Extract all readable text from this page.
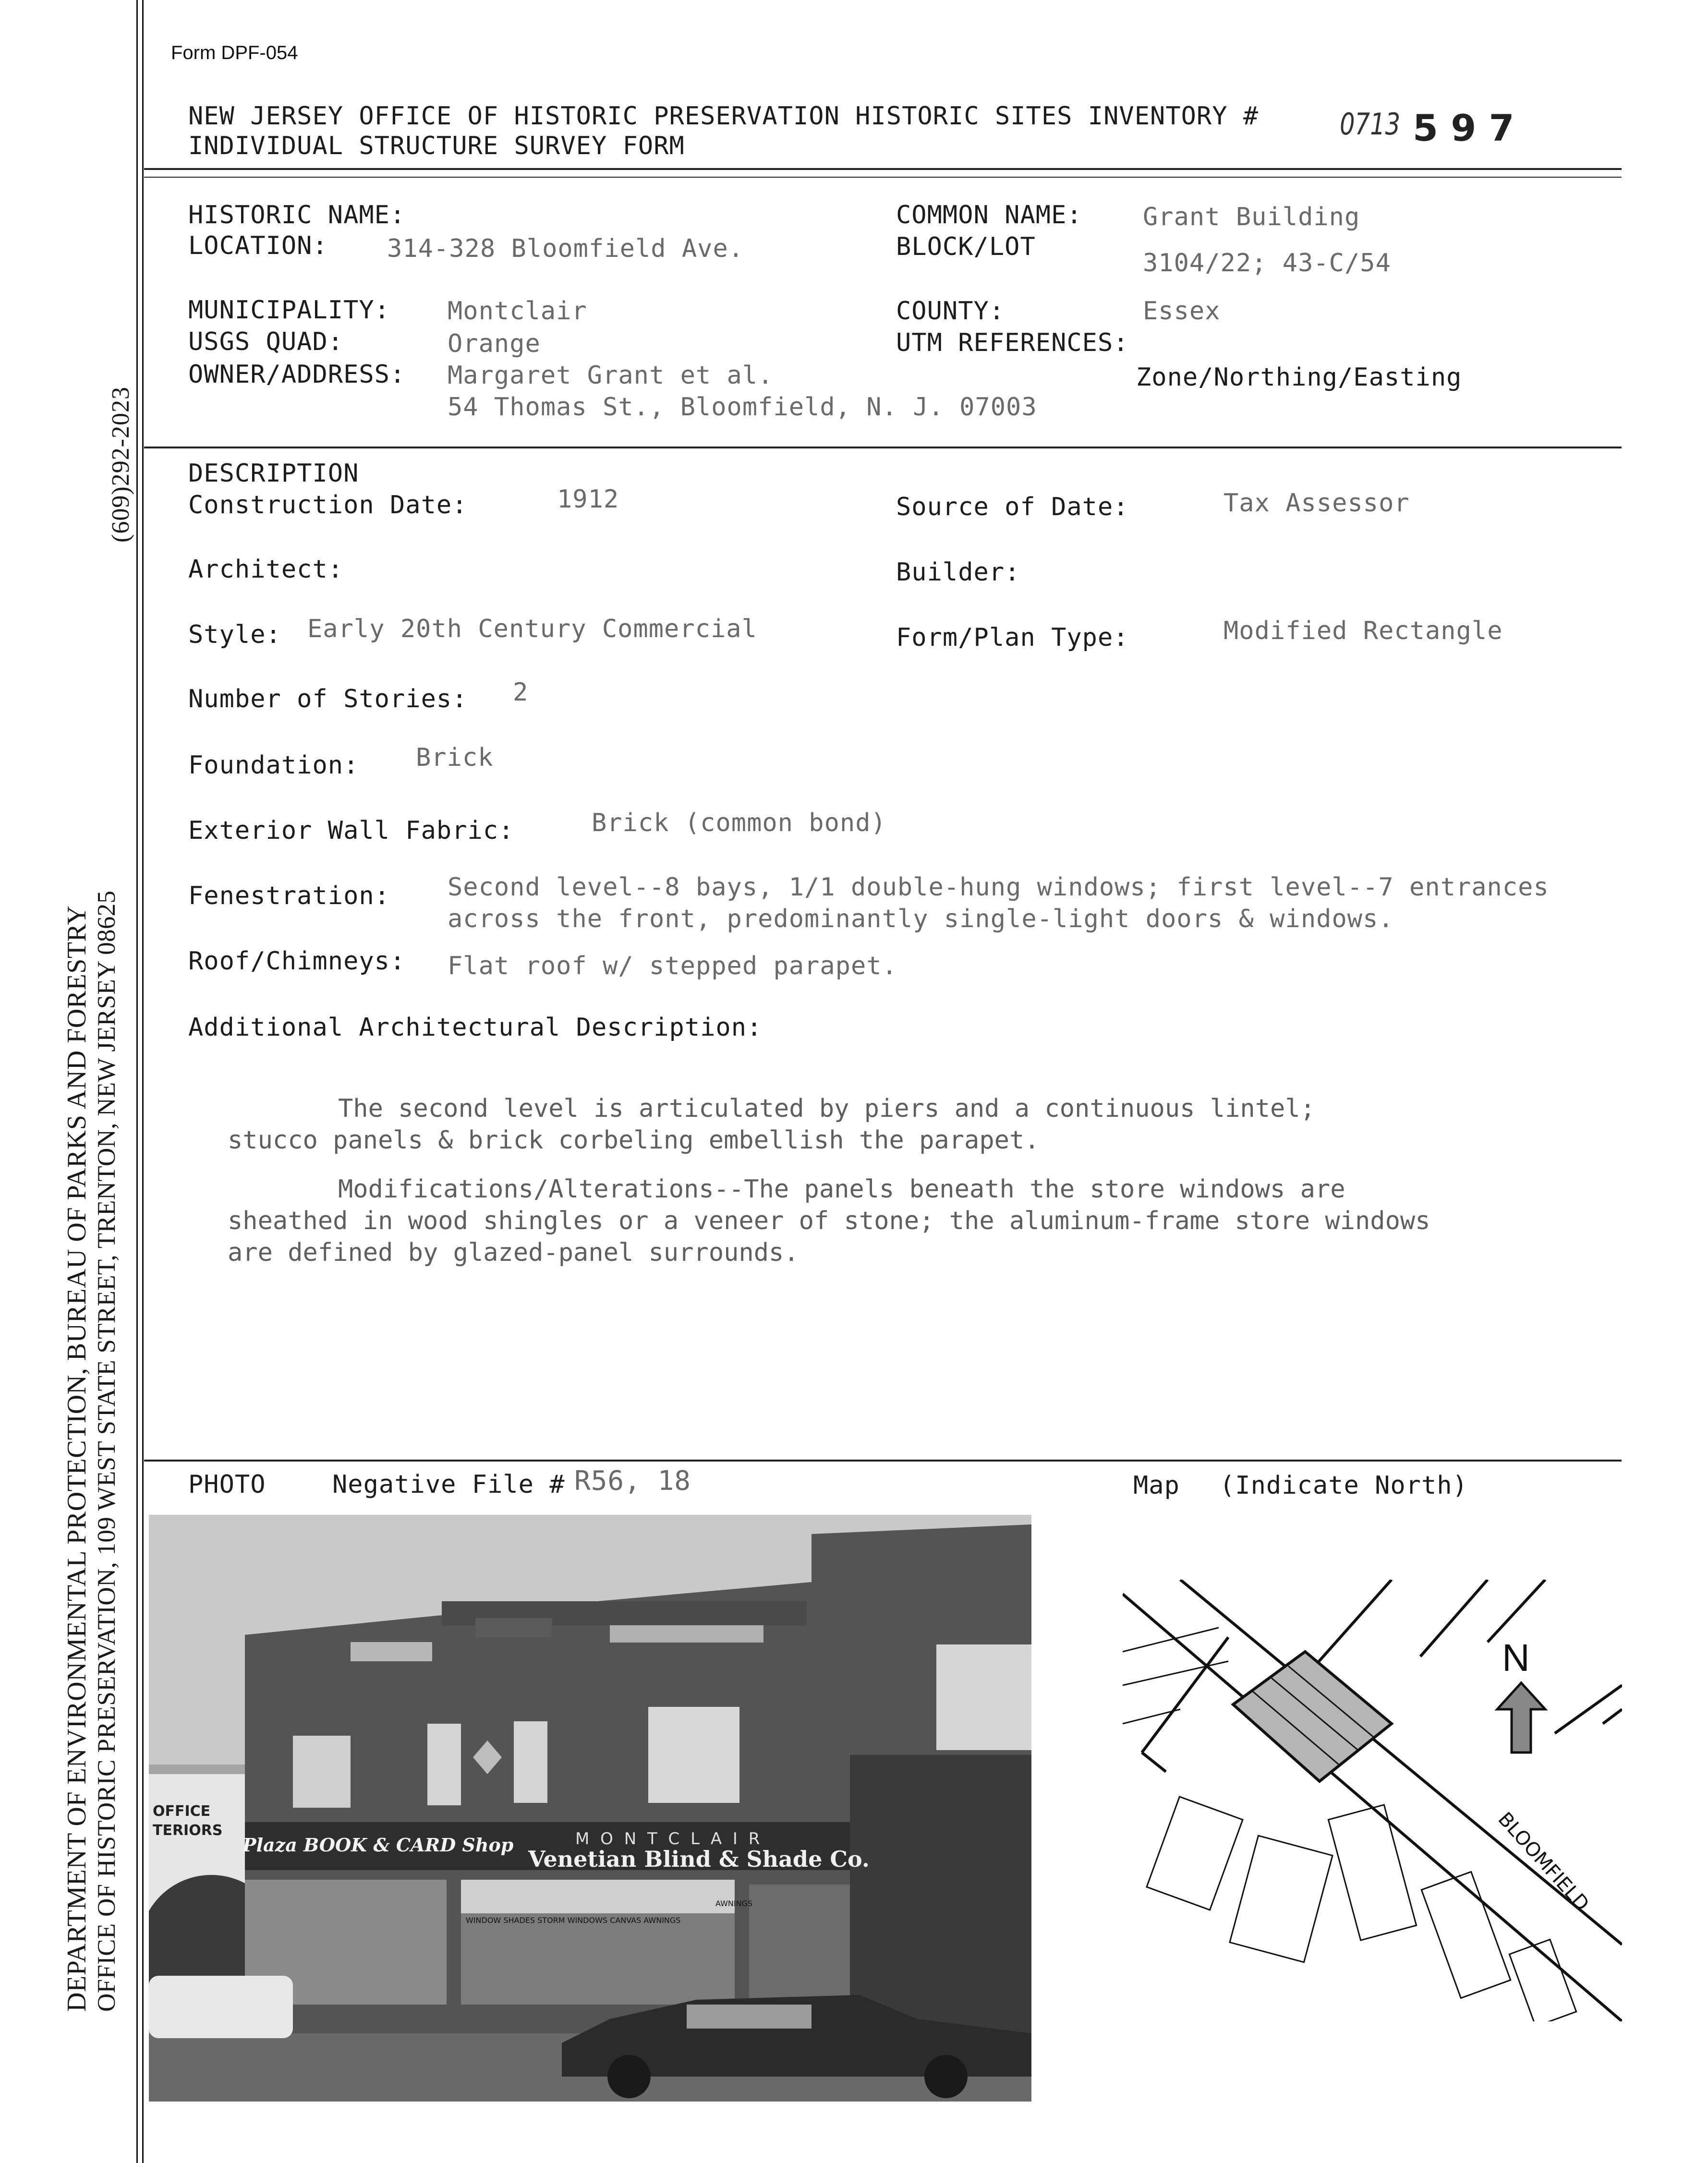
(609)292-2023
DEPARTMENT OF ENVIRONMENTAL PROTECTION, BUREAU OF PARKS AND FORESTRY OFFICE OF HISTORIC PRESERVATION, 109 WEST STATE STREET, TRENTON, NEW JERSEY 08625
Form DPF-054
NEW JERSEY OFFICE OF HISTORIC PRESERVATION HISTORIC SITES INVENTORY #
INDIVIDUAL STRUCTURE SURVEY FORM
0713 5 9 7
HISTORIC NAME:
LOCATION: 314-328 Bloomfield Ave.
COMMON NAME: Grant Building
BLOCK/LOT
3104/22; 43-C/54
MUNICIPALITY: Montclair
USGS QUAD:	Orange
OWNER/ADDRESS: Margaret Grant et al.
54 Thomas St., Bloomfield, N. J. 07003
COUNTY:	Essex
UTM REFERENCES:
Zone/Northing/Easting
DESCRIPTION
Construction Date:	1912	Source of Date:	Tax Assessor
Architect:	Builder:
Style: Early 20th Century Commercial	Form/Plan Type:	Modified Rectangle
Number of Stories: 2
Foundation: Brick
Exterior Wall Fabric:	Brick (common bond)
Fenestration: Second level--8 bays, 1/1 double-hung windows; first level--7 entrances
across the front, predominantly single-light doors & windows.
Roof/Chimneys: Flat roof w/ stepped parapet.
Additional Architectural Description:
The second level is articulated by piers and a continuous lintel;
stucco panels & brick corbeling embellish the parapet.
Modifications/Alterations--The panels beneath the store windows are
sheathed in wood shingles or a veneer of stone; the aluminum-frame store windows
are defined by glazed-panel surrounds.
PHOTO	Negative File # R56, 18	Map (Indicate North)
M O N T C L A I R
Venetian Blind & Shade Co.
Plaza BOOK & CARD Shop
OFFICE
TERIORS
WINDOW SHADES STORM WINDOWS CANVAS AWNINGS
AWNINGS
N
BLOOMFIELD
